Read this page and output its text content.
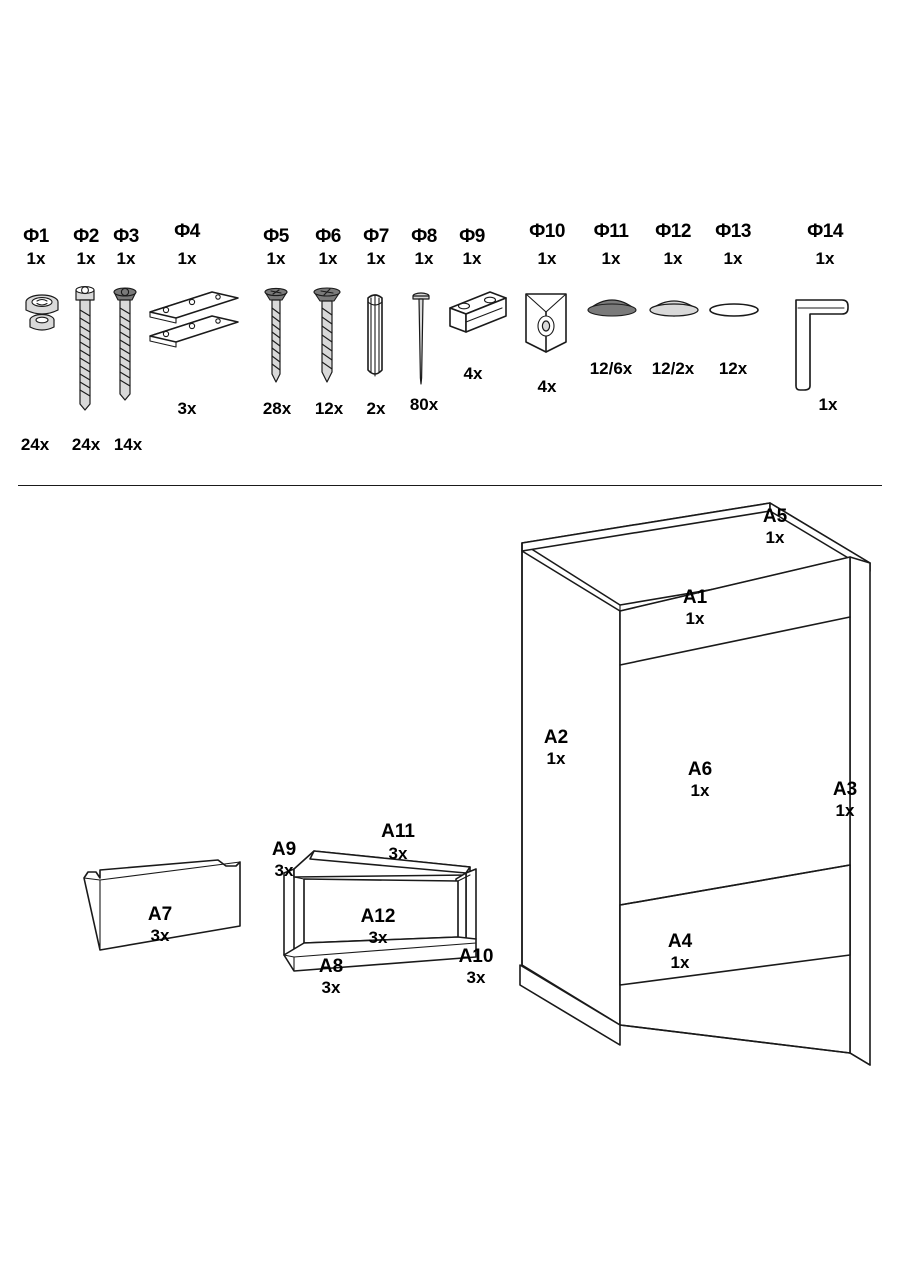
Ф1
1x
24x
Ф2
1x
24x
Ф3
1x
14x
Ф4
1x
3x
Ф5
1x
28x
Ф6
1x
12x
Ф7
1x
2x
Ф8
1x
80x
Ф9
1x
4x
Ф10
1x
4x
Ф11
1x
12/6x
Ф12
1x
12/2x
Ф13
1x
12x
Ф14
1x
1x
A5
1x
A1
1x
A2
1x
A6
1x	A3
1x
A4
1x
A7
3x
A9
3x
A11
3x
A12
3x
A8
3x
A10
3x
